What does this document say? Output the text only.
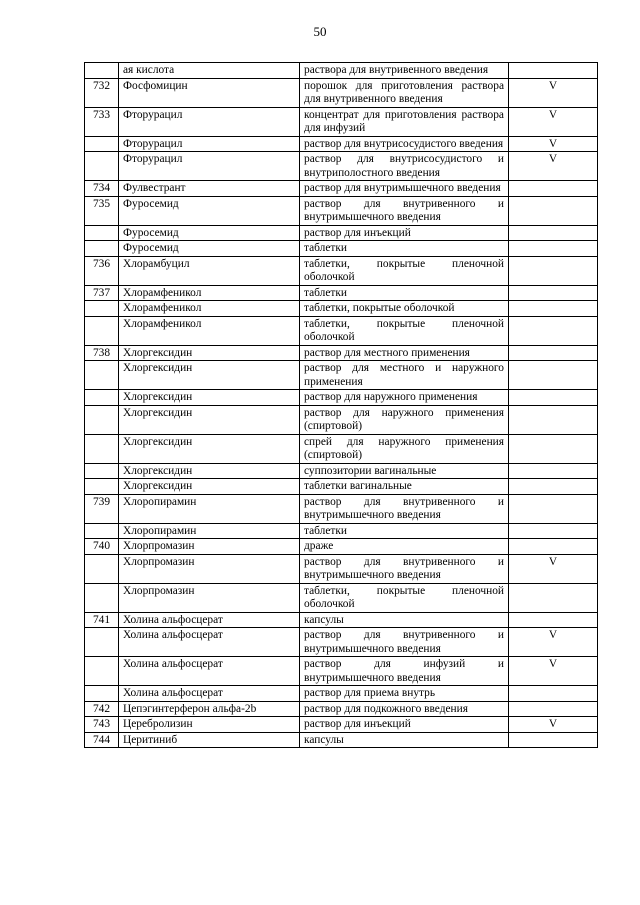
50
	ая кислота	раствора для внутривенного введения	
732	Фосфомицин	порошок для приготовления раствора для внутривенного введения	V
733	Фторурацил	концентрат для приготовления раствора для инфузий	V
	Фторурацил	раствор для внутрисосудистого введения	V
	Фторурацил	раствор для внутрисосудистого и внутриполостного введения	V
734	Фулвестрант	раствор для внутримышечного введения	
735	Фуросемид	раствор для внутривенного и внутримышечного введения	
	Фуросемид	раствор для инъекций	
	Фуросемид	таблетки	
736	Хлорамбуцил	таблетки, покрытые пленочной оболочкой	
737	Хлорамфеникол	таблетки	
	Хлорамфеникол	таблетки, покрытые оболочкой	
	Хлорамфеникол	таблетки, покрытые пленочной оболочкой	
738	Хлоргексидин	раствор для местного применения	
	Хлоргексидин	раствор для местного и наружного применения	
	Хлоргексидин	раствор для наружного применения	
	Хлоргексидин	раствор для наружного применения (спиртовой)	
	Хлоргексидин	спрей для наружного применения (спиртовой)	
	Хлоргексидин	суппозитории вагинальные	
	Хлоргексидин	таблетки вагинальные	
739	Хлоропирамин	раствор для внутривенного и внутримышечного введения	
	Хлоропирамин	таблетки	
740	Хлорпромазин	драже	
	Хлорпромазин	раствор для внутривенного и внутримышечного введения	V
	Хлорпромазин	таблетки, покрытые пленочной оболочкой	
741	Холина альфосцерат	капсулы	
	Холина альфосцерат	раствор для внутривенного и внутримышечного введения	V
	Холина альфосцерат	раствор для инфузий и внутримышечного введения	V
	Холина альфосцерат	раствор для приема внутрь	
742	Цепэгинтерферон альфа-2b	раствор для подкожного введения	
743	Церебролизин	раствор для инъекций	V
744	Церитиниб	капсулы	
